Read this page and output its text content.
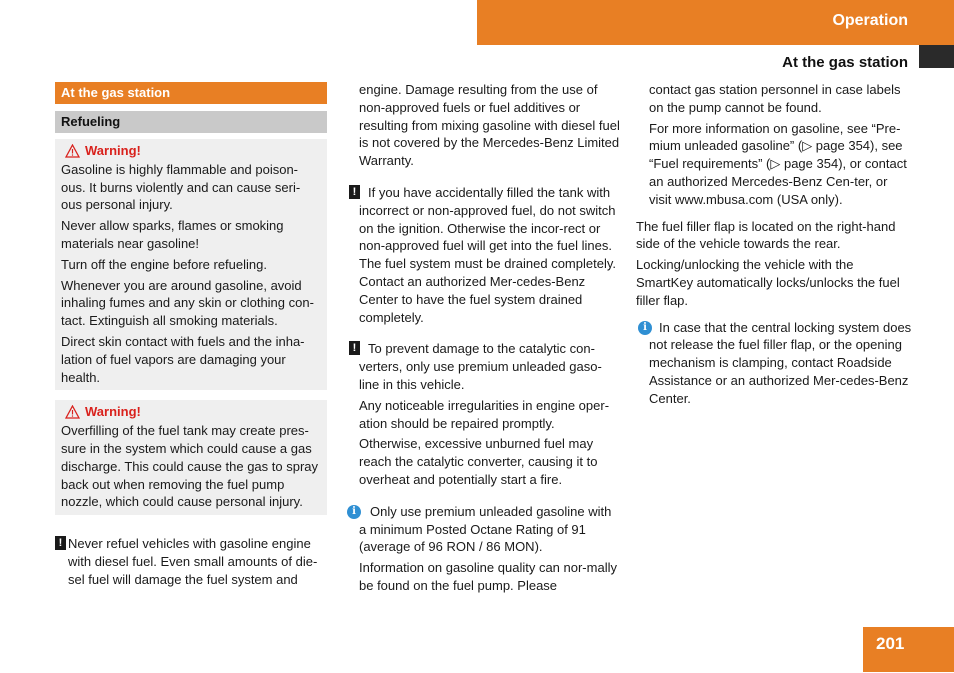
Operation
At the gas station
At the gas station
Refueling
Warning!
Gasoline is highly flammable and poison-ous. It burns violently and can cause seri-ous personal injury.
Never allow sparks, flames or smoking materials near gasoline!
Turn off the engine before refueling.
Whenever you are around gasoline, avoid inhaling fumes and any skin or clothing con-tact. Extinguish all smoking materials.
Direct skin contact with fuels and the inha-lation of fuel vapors are damaging your health.
Warning!
Overfilling of the fuel tank may create pres-sure in the system which could cause a gas discharge. This could cause the gas to spray back out when removing the fuel pump nozzle, which could cause personal injury.
! Never refuel vehicles with gasoline engine with diesel fuel. Even small amounts of die-sel fuel will damage the fuel system and
engine. Damage resulting from the use of non-approved fuels or fuel additives or resulting from mixing gasoline with diesel fuel is not covered by the Mercedes-Benz Limited Warranty.
! If you have accidentally filled the tank with incorrect or non-approved fuel, do not switch on the ignition. Otherwise the incor-rect or non-approved fuel will get into the fuel lines. The fuel system must be drained completely. Contact an authorized Mer-cedes-Benz Center to have the fuel system drained completely.
! To prevent damage to the catalytic con-verters, only use premium unleaded gaso-line in this vehicle.
Any noticeable irregularities in engine oper-ation should be repaired promptly.
Otherwise, excessive unburned fuel may reach the catalytic converter, causing it to overheat and potentially start a fire.
i	Only use premium unleaded gasoline with a minimum Posted Octane Rating of 91 (average of 96 RON / 86 MON).
Information on gasoline quality can nor-mally be found on the fuel pump. Please
contact gas station personnel in case labels on the pump cannot be found.
For more information on gasoline, see “Pre-mium unleaded gasoline” (▷ page 354), see “Fuel requirements” (▷ page 354), or contact an authorized Mercedes-Benz Cen-ter, or visit www.mbusa.com (USA only).
The fuel filler flap is located on the right-hand side of the vehicle towards the rear.
Locking/unlocking the vehicle with the SmartKey automatically locks/unlocks the fuel filler flap.
i In case that the central locking system does not release the fuel filler flap, or the opening mechanism is clamping, contact Roadside Assistance or an authorized Mer-cedes-Benz Center.
201
